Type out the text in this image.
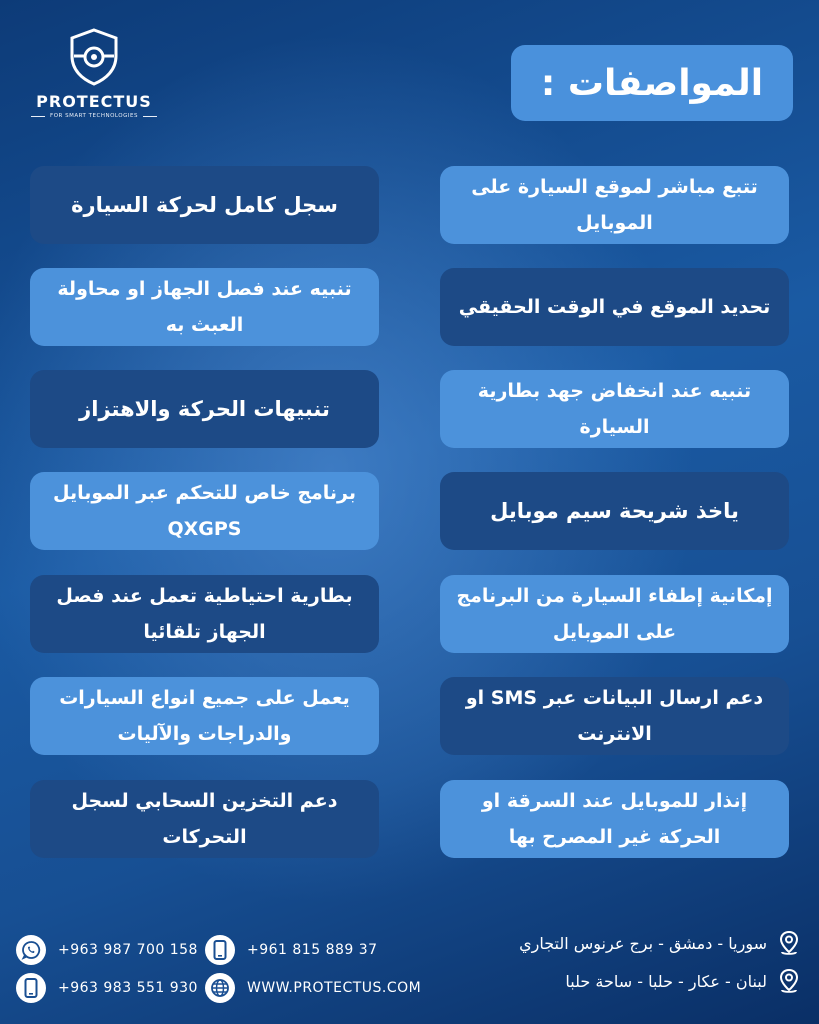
PROTECTUS
FOR SMART TECHNOLOGIES
المواصفات :
تتبع مباشر لموقع السيارة على الموبايل
تحديد الموقع في الوقت الحقيقي
تنبيه عند انخفاض جهد بطارية السيارة
ياخذ شريحة سيم موبايل
إمكانية إطفاء السيارة من البرنامج على الموبايل
دعم ارسال البيانات عبر SMS او الانترنت
إنذار للموبايل عند السرقة او الحركة غير المصرح بها
سجل كامل لحركة السيارة
تنبيه عند فصل الجهاز او محاولة العبث به
تنبيهات الحركة والاهتزاز
برنامج خاص للتحكم عبر الموبايل QXGPS
بطارية احتياطية تعمل عند فصل الجهاز تلقائيا
يعمل على جميع انواع السيارات والدراجات والآليات
دعم التخزين السحابي لسجل التحركات
+963 987 700 158	+961 815 889 37
+963 983 551 930	WWW.PROTECTUS.COM
سوريا - دمشق - برج عرنوس التجاري
لبنان - عكار - حلبا - ساحة حلبا
